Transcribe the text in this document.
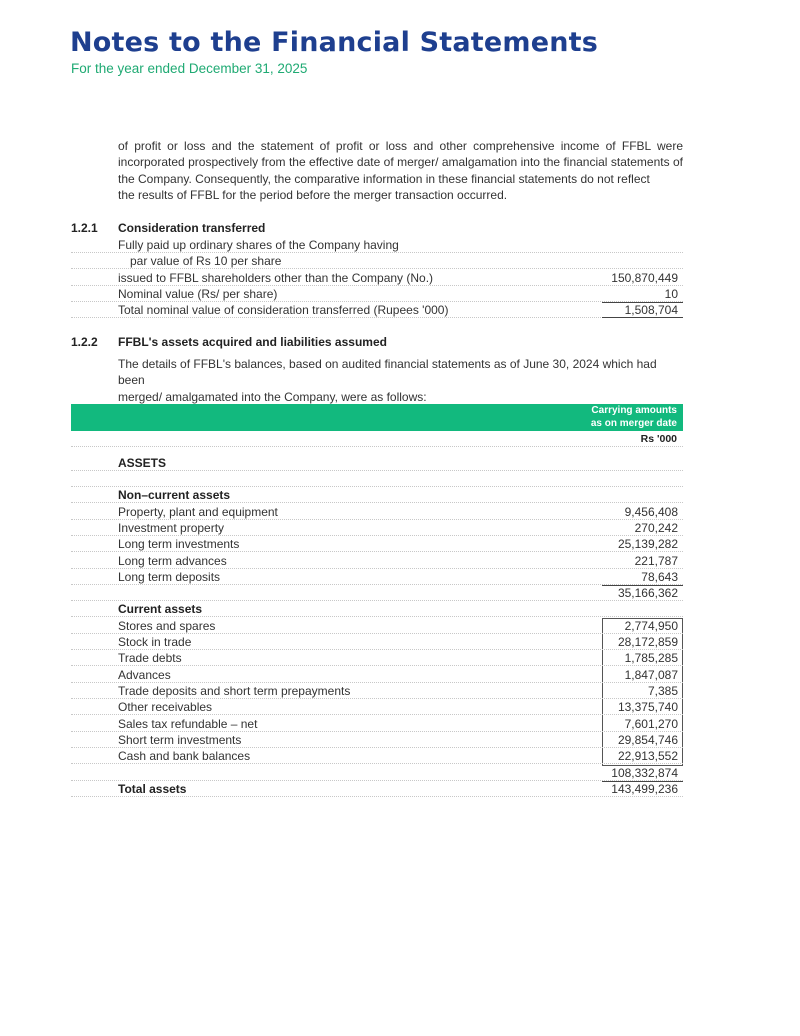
Notes to the Financial Statements
For the year ended December 31, 2025

of profit or loss and the statement of profit or loss and other comprehensive income of FFBL were incorporated prospectively from the effective date of merger/ amalgamation into the financial statements of the Company. Consequently, the comparative information in these financial statements do not reflect
the results of FFBL for the period before the merger transaction occurred.

1.2.1 Consideration transferred
Fully paid up ordinary shares of the Company having
par value of Rs 10 per share
issued to FFBL shareholders other than the Company (No.)	150,870,449
Nominal value (Rs/ per share)	10
Total nominal value of consideration transferred (Rupees '000)	1,508,704
1.2.2 FFBL's assets acquired and liabilities assumed

The details of FFBL's balances, based on audited financial statements as of June 30, 2024 which had been
merged/ amalgamated into the Company, were as follows:

Carrying amounts
as on merger date
Rs '000
ASSETS
Non–current assets
Property, plant and equipment	9,456,408
Investment property	270,242
Long term investments	25,139,282
Long term advances	221,787
Long term deposits	78,643
35,166,362
Current assets
Stores and spares	2,774,950
Stock in trade	28,172,859
Trade debts	1,785,285
Advances	1,847,087
Trade deposits and short term prepayments	7,385
Other receivables	13,375,740
Sales tax refundable – net	7,601,270
Short term investments	29,854,746
Cash and bank balances	22,913,552
108,332,874
Total assets	143,499,236
